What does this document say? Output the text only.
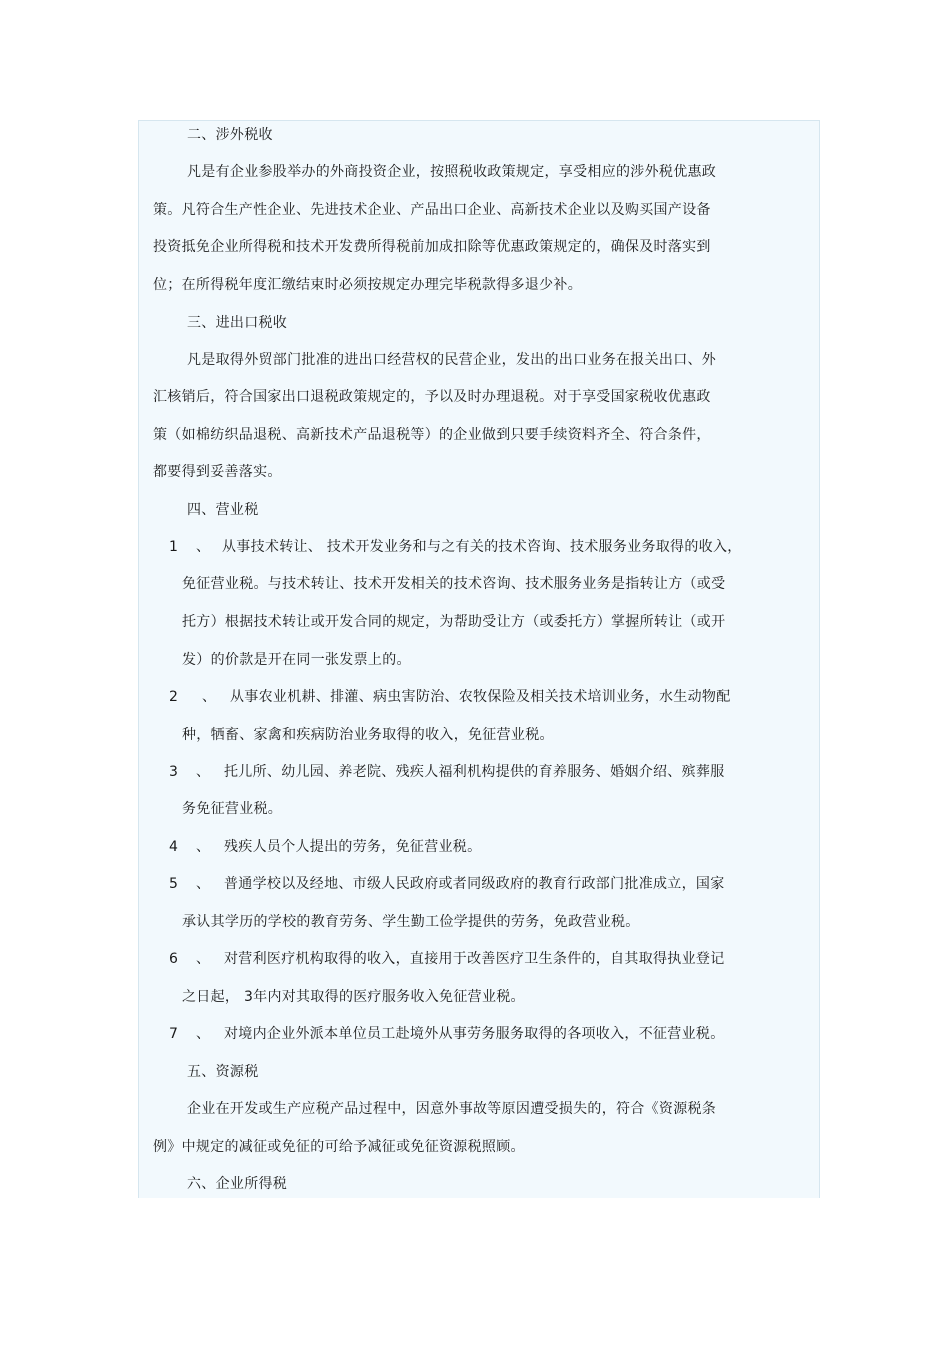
二、涉外税收
凡是有企业参股举办的外商投资企业，按照税收政策规定，享受相应的涉外税优惠政
策。凡符合生产性企业、先进技术企业、产品出口企业、高新技术企业以及购买国产设备
投资抵免企业所得税和技术开发费所得税前加成扣除等优惠政策规定的，确保及时落实到
位；在所得税年度汇缴结束时必须按规定办理完毕税款得多退少补。
三、进出口税收
凡是取得外贸部门批准的进出口经营权的民营企业，发出的出口业务在报关出口、外
汇核销后，符合国家出口退税政策规定的，予以及时办理退税。对于享受国家税收优惠政
策（如棉纺织品退税、高新技术产品退税等）的企业做到只要手续资料齐全、符合条件，
都要得到妥善落实。
四、营业税
1 、 从事技术转让、 技术开发业务和与之有关的技术咨询、技术服务业务取得的收入，
免征营业税。与技术转让、技术开发相关的技术咨询、技术服务业务是指转让方（或受
托方）根据技术转让或开发合同的规定，为帮助受让方（或委托方）掌握所转让（或开
发）的价款是开在同一张发票上的。
2 、 从事农业机耕、排灌、病虫害防治、农牧保险及相关技术培训业务，水生动物配
种，牺畜、家禽和疾病防治业务取得的收入，免征营业税。
3 、 托儿所、幼儿园、养老院、残疾人福利机构提供的育养服务、婚姻介绍、殡葬服
务免征营业税。
4 、 残疾人员个人提出的劳务，免征营业税。
5 、 普通学校以及经地、市级人民政府或者同级政府的教育行政部门批准成立，国家
承认其学历的学校的教育劳务、学生勤工俭学提供的劳务，免政营业税。
6 、 对营利医疗机构取得的收入，直接用于改善医疗卫生条件的，自其取得执业登记
之日起， 3年内对其取得的医疗服务收入免征营业税。
7 、 对境内企业外派本单位员工赴境外从事劳务服务取得的各项收入，不征营业税。
五、资源税
企业在开发或生产应税产品过程中，因意外事故等原因遭受损失的，符合《资源税条
例》中规定的减征或免征的可给予减征或免征资源税照顾。
六、企业所得税
